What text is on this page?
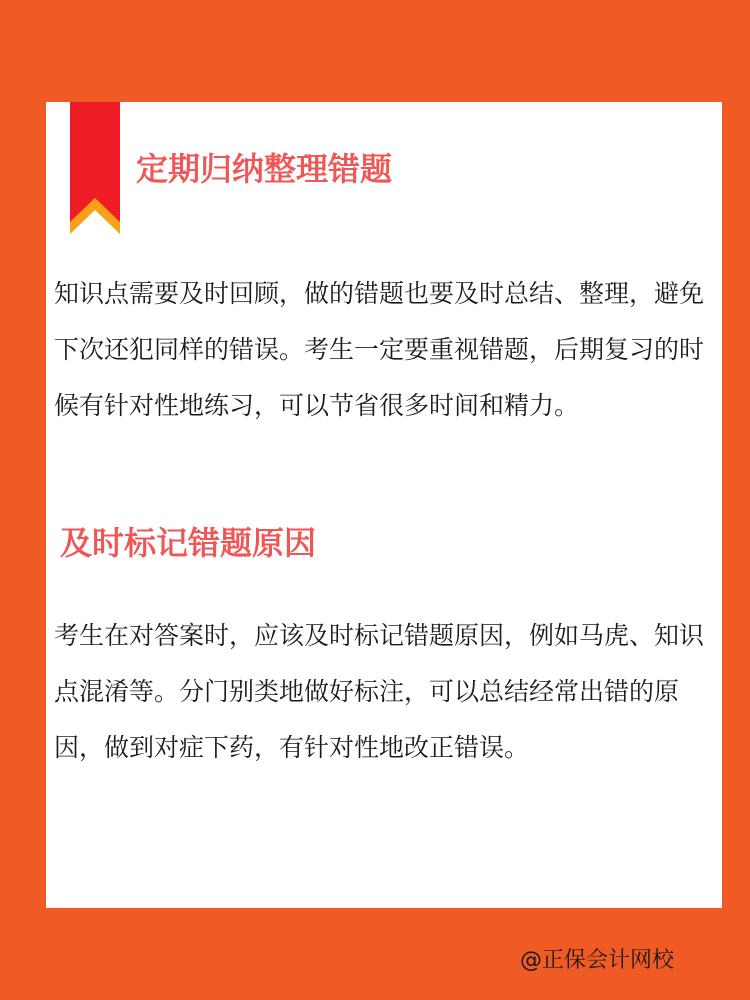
定期归纳整理错题

知识点需要及时回顾，做的错题也要及时总结、整理，避免下次还犯同样的错误。考生一定要重视错题，后期复习的时候有针对性地练习，可以节省很多时间和精力。

及时标记错题原因

考生在对答案时，应该及时标记错题原因，例如马虎、知识点混淆等。分门别类地做好标注，可以总结经常出错的原因，做到对症下药，有针对性地改正错误。

@正保会计网校
